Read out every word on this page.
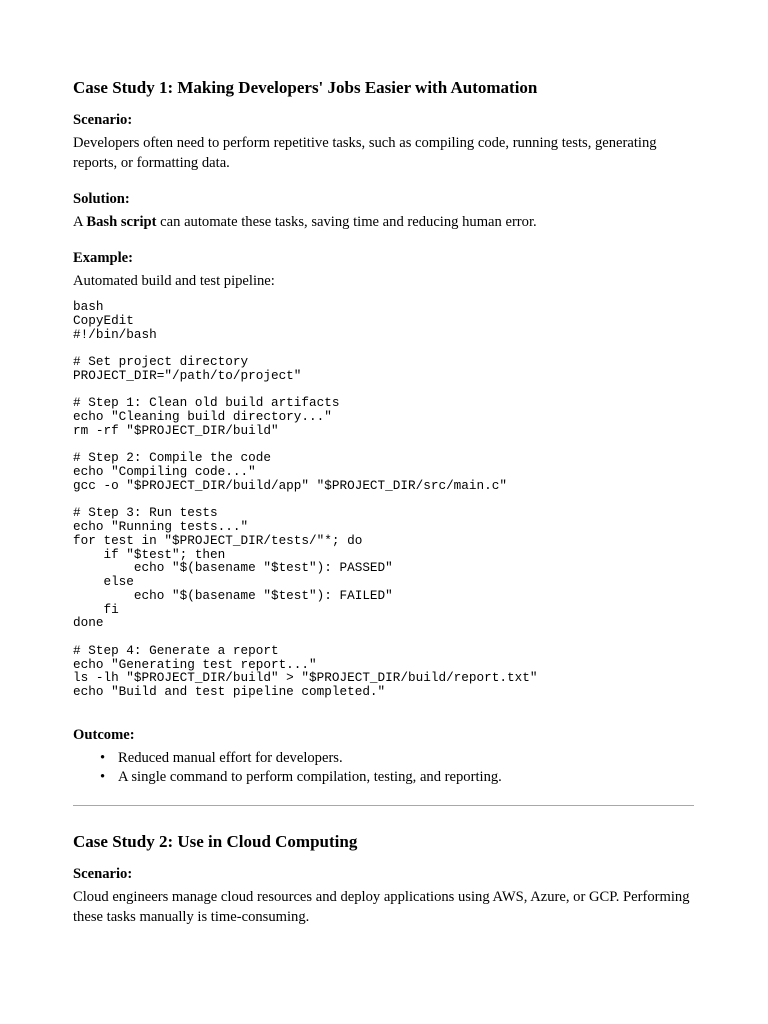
Case Study 1: Making Developers' Jobs Easier with Automation
Scenario:

Developers often need to perform repetitive tasks, such as compiling code, running tests, generating reports, or formatting data.

Solution:

A Bash script can automate these tasks, saving time and reducing human error.

Example:

Automated build and test pipeline:

bash
CopyEdit
#!/bin/bash

# Set project directory
PROJECT_DIR="/path/to/project"

# Step 1: Clean old build artifacts
echo "Cleaning build directory..."
rm -rf "$PROJECT_DIR/build"

# Step 2: Compile the code
echo "Compiling code..."
gcc -o "$PROJECT_DIR/build/app" "$PROJECT_DIR/src/main.c"

# Step 3: Run tests
echo "Running tests..."
for test in "$PROJECT_DIR/tests/"*; do
if "$test"; then
echo "$(basename "$test"): PASSED"
else
echo "$(basename "$test"): FAILED"
fi
done

# Step 4: Generate a report
echo "Generating test report..."
ls -lh "$PROJECT_DIR/build" > "$PROJECT_DIR/build/report.txt"
echo "Build and test pipeline completed."
Outcome:
• Reduced manual effort for developers.
• A single command to perform compilation, testing, and reporting.
Case Study 2: Use in Cloud Computing
Scenario:

Cloud engineers manage cloud resources and deploy applications using AWS, Azure, or GCP. Performing these tasks manually is time-consuming.
